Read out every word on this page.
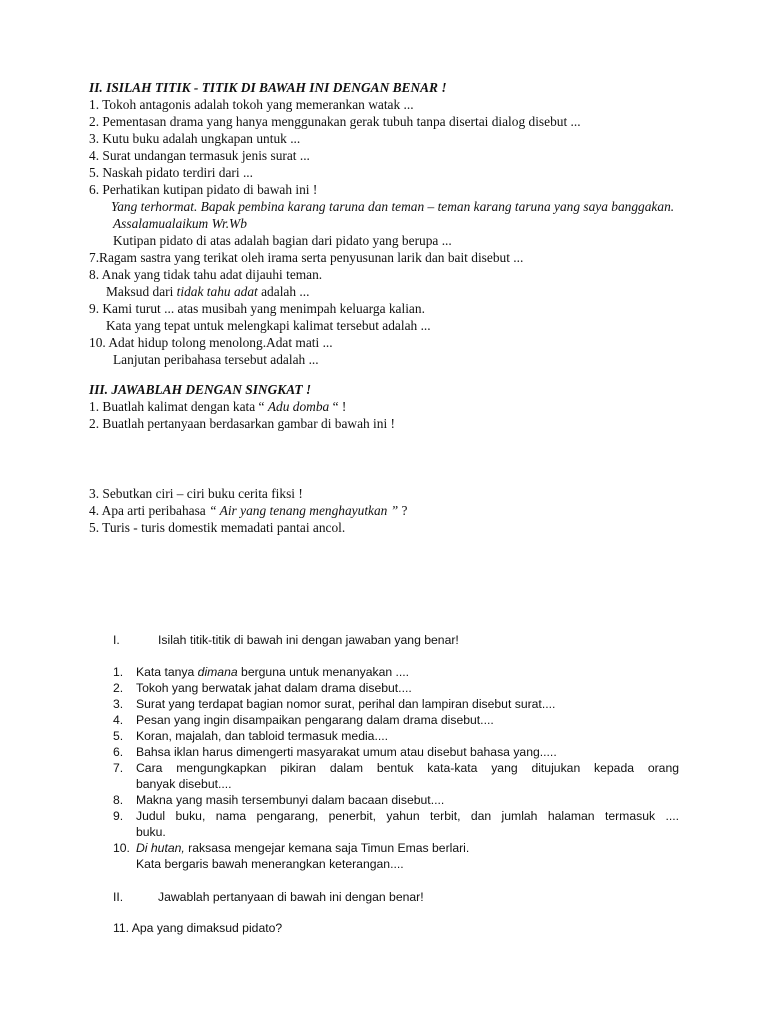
II. ISILAH TITIK - TITIK DI BAWAH INI DENGAN BENAR !
1. Tokoh antagonis adalah tokoh yang memerankan watak ...
2. Pementasan drama yang hanya menggunakan gerak tubuh tanpa disertai dialog disebut ...
3. Kutu buku adalah ungkapan untuk ...
4. Surat undangan termasuk jenis surat ...
5. Naskah pidato terdiri dari ...
6. Perhatikan kutipan pidato di bawah ini !
Yang terhormat. Bapak pembina karang taruna dan teman – teman karang taruna yang saya banggakan.
Assalamualaikum Wr.Wb
Kutipan pidato di atas adalah bagian dari pidato yang berupa ...
7.Ragam sastra yang terikat oleh irama serta penyusunan larik dan bait disebut ...
8. Anak yang tidak tahu adat dijauhi teman.
Maksud dari tidak tahu adat adalah ...
9. Kami turut ... atas musibah yang menimpah keluarga kalian.
Kata yang tepat untuk melengkapi kalimat tersebut adalah ...
10. Adat hidup tolong menolong.Adat mati ...
Lanjutan peribahasa tersebut adalah ...
III. JAWABLAH DENGAN SINGKAT !
1. Buatlah kalimat dengan kata “ Adu domba “ !
2. Buatlah pertanyaan berdasarkan gambar di bawah ini !
3. Sebutkan ciri – ciri buku cerita fiksi !
4. Apa arti peribahasa “ Air yang tenang menghayutkan ” ?
5. Turis - turis domestik memadati pantai ancol.
I.	Isilah titik-titik di bawah ini dengan jawaban yang benar!
1.	Kata tanya dimana berguna untuk menanyakan ....
2.	Tokoh yang berwatak jahat dalam drama disebut....
3.	Surat yang terdapat bagian nomor surat, perihal dan lampiran disebut surat....
4.	Pesan yang ingin disampaikan pengarang dalam drama disebut....
5.	Koran, majalah, dan tabloid termasuk media....
6.	Bahsa iklan harus dimengerti masyarakat umum atau disebut bahasa yang.....
7.	Cara mengungkapkan pikiran dalam bentuk kata-kata yang ditujukan kepada orang
banyak disebut....
8.	Makna yang masih tersembunyi dalam bacaan disebut....
9.	Judul buku, nama pengarang, penerbit, yahun terbit, dan jumlah halaman termasuk ....
buku.
10. Di hutan, raksasa mengejar kemana saja Timun Emas berlari.
Kata bergaris bawah menerangkan keterangan....
II.	Jawablah pertanyaan di bawah ini dengan benar!
11. Apa yang dimaksud pidato?
